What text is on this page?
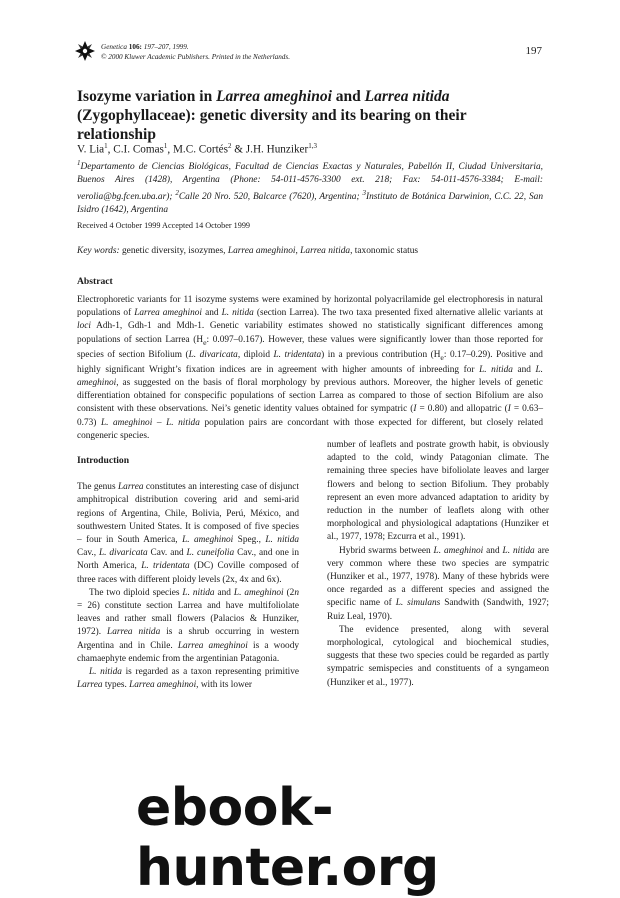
Genetica 106: 197–207, 1999.
© 2000 Kluwer Academic Publishers. Printed in the Netherlands.	197
Isozyme variation in Larrea ameghinoi and Larrea nitida (Zygophyllaceae): genetic diversity and its bearing on their relationship
V. Lia$^1$, C.I. Comas$^1$, M.C. Cortés$^2$ & J.H. Hunziker$^{1,3}$
$^1$Departamento de Ciencias Biológicas, Facultad de Ciencias Exactas y Naturales, Pabellón II, Ciudad Universitaria, Buenos Aires (1428), Argentina (Phone: 54-011-4576-3300 ext. 218; Fax: 54-011-4576-3384; E-mail: verolia@bg.fcen.uba.ar); $^2$Calle 20 Nro. 520, Balcarce (7620), Argentina; $^3$Instituto de Botánica Darwinion, C.C. 22, San Isidro (1642), Argentina
Received 4 October 1999 Accepted 14 October 1999
Key words: genetic diversity, isozymes, Larrea ameghinoi, Larrea nitida, taxonomic status
Abstract

Electrophoretic variants for 11 isozyme systems were examined by horizontal polyacrilamide gel electrophoresis in natural populations of Larrea ameghinoi and L. nitida (section Larrea). The two taxa presented fixed alternative allelic variants at loci Adh-1, Gdh-1 and Mdh-1. Genetic variability estimates showed no statistically significant differences among populations of section Larrea ($H_e$: 0.097–0.167). However, these values were significantly lower than those reported for species of section Bifolium (L. divaricata, diploid L. tridentata) in a previous contribution ($H_e$: 0.17–0.29). Positive and highly significant Wright’s fixation indices are in agreement with higher amounts of inbreeding for L. nitida and L. ameghinoi, as suggested on the basis of floral morphology by previous authors. Moreover, the higher levels of genetic differentiation obtained for conspecific populations of section Larrea as compared to those of section Bifolium are also consistent with these observations. Nei’s genetic identity values obtained for sympatric (I = 0.80) and allopatric (I = 0.63–0.73) L. ameghinoi – L. nitida population pairs are concordant with those expected for different, but closely related congeneric species.

Introduction

The genus Larrea constitutes an interesting case of disjunct amphitropical distribution covering arid and semi-arid regions of Argentina, Chile, Bolivia, Perú, México, and southwestern United States. It is composed of five species – four in South America, L. ameghinoi Speg., L. nitida Cav., L. divaricata Cav. and L. cuneifolia Cav., and one in North America, L. tridentata (DC) Coville composed of three races with different ploidy levels (2x, 4x and 6x).

The two diploid species L. nitida and L. ameghinoi (2n = 26) constitute section Larrea and have multifoliolate leaves and rather small flowers (Palacios & Hunziker, 1972). Larrea nitida is a shrub occurring in western Argentina and in Chile. Larrea ameghinoi is a woody chamaephyte endemic from the argentinian Patagonia.

L. nitida is regarded as a taxon representing primitive Larrea types. Larrea ameghinoi, with its lower

number of leaflets and postrate growth habit, is obviously adapted to the cold, windy Patagonian climate. The remaining three species have bifoliolate leaves and larger flowers and belong to section Bifolium. They probably represent an even more advanced adaptation to aridity by reduction in the number of leaflets along with other morphological and physiological adaptations (Hunziker et al., 1977, 1978; Ezcurra et al., 1991).

Hybrid swarms between L. ameghinoi and L. nitida are very common where these two species are sympatric (Hunziker et al., 1977, 1978). Many of these hybrids were once regarded as a different species and assigned the specific name of L. simulans Sandwith (Sandwith, 1927; Ruiz Leal, 1970).

The evidence presented, along with several morphological, cytological and biochemical studies, suggests that these two species could be regarded as partly sympatric semispecies and constituents of a syngameon (Hunziker et al., 1977).

ebook-hunter.org
